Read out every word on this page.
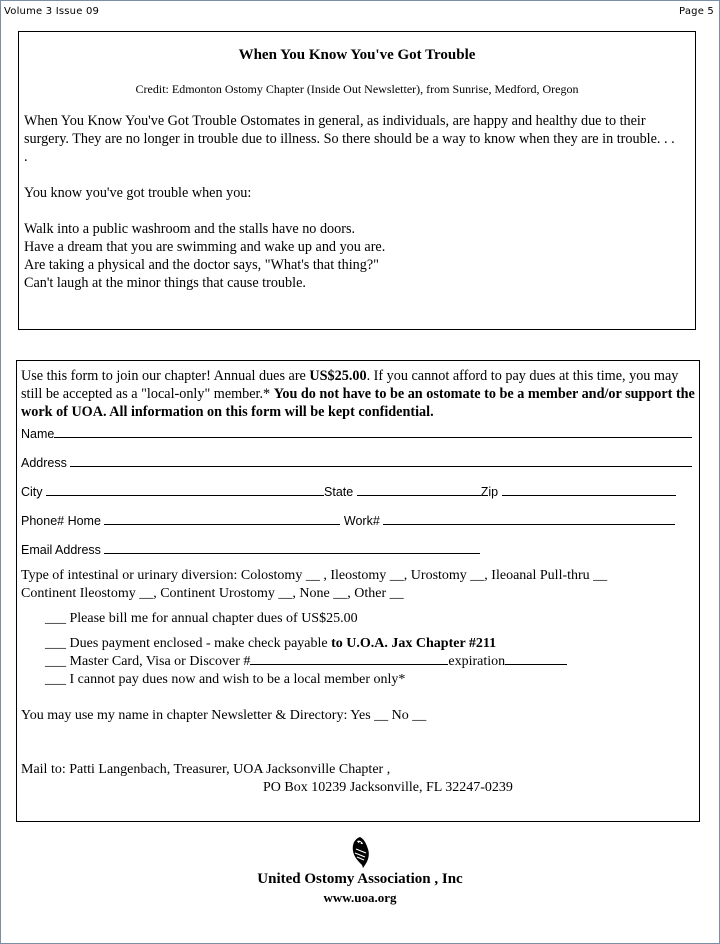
Volume 3 Issue 09	Page 5
When You Know You've Got Trouble
Credit: Edmonton Ostomy Chapter (Inside Out Newsletter), from Sunrise, Medford, Oregon

When You Know You've Got Trouble Ostomates in general, as individuals, are happy and healthy due to their surgery. They are no longer in trouble due to illness. So there should be a way to know when they are in trouble. . . .

You know you've got trouble when you:

Walk into a public washroom and the stalls have no doors.

Have a dream that you are swimming and wake up and you are.

Are taking a physical and the doctor says, "What's that thing?"

Can't laugh at the minor things that cause trouble.

Use this form to join our chapter! Annual dues are US$25.00. If you cannot afford to pay dues at this time, you may still be accepted as a "local-only" member.* You do not have to be an ostomate to be a member and/or support the work of UOA. All information on this form will be kept confidential.
Name
Address
City	State	Zip
Phone# Home	Work#
Email Address
Type of intestinal or urinary diversion: Colostomy __ , Ileostomy __, Urostomy __, Ileoanal Pull-thru __
Continent Ileostomy __, Continent Urostomy __, None __, Other __
___ Please bill me for annual chapter dues of US$25.00
___ Dues payment enclosed - make check payable to U.O.A. Jax Chapter #211
___ Master Card, Visa or Discover #	expiration
___ I cannot pay dues now and wish to be a local member only*
You may use my name in chapter Newsletter & Directory: Yes __ No __
Mail to: Patti Langenbach, Treasurer, UOA Jacksonville Chapter ,
PO Box 10239 Jacksonville, FL 32247-0239
United Ostomy Association , Inc
www.uoa.org
